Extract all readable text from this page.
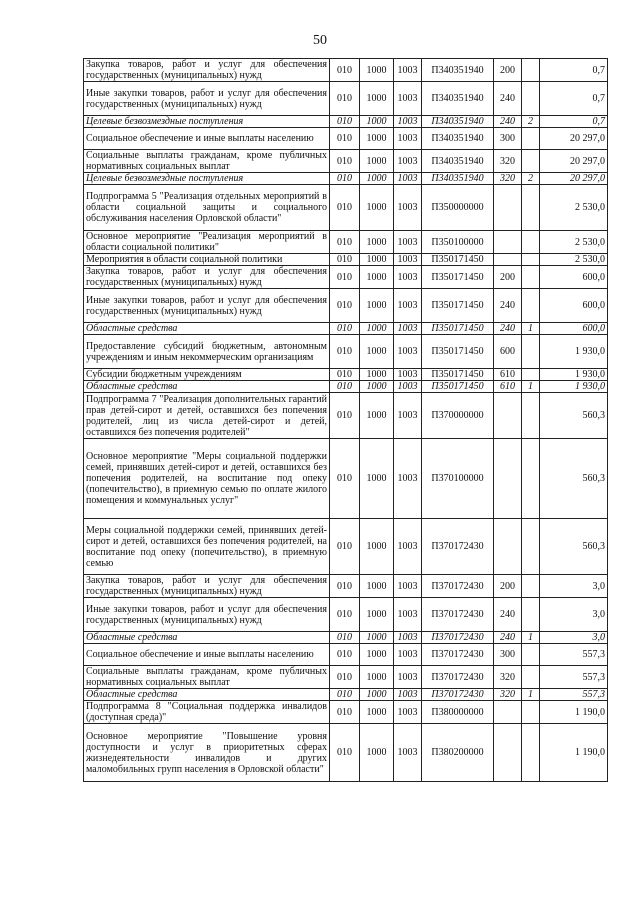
50
Закупка товаров, работ и услуг для обеспечения государственных (муниципальных) нужд	010	1000	1003	П340351940	200		0,7
Иные закупки товаров, работ и услуг для обеспечения государственных (муниципальных) нужд	010	1000	1003	П340351940	240		0,7
Целевые безвозмездные поступления	010	1000	1003	П340351940	240	2	0,7
Социальное обеспечение и иные выплаты населению	010	1000	1003	П340351940	300		20 297,0
Социальные выплаты гражданам, кроме публичных нормативных социальных выплат	010	1000	1003	П340351940	320		20 297,0
Целевые безвозмездные поступления	010	1000	1003	П340351940	320	2	20 297,0
Подпрограмма 5 "Реализация отдельных мероприятий в области социальной защиты и социального обслуживания населения Орловской области"	010	1000	1003	П350000000			2 530,0
Основное мероприятие "Реализация мероприятий в области социальной политики"	010	1000	1003	П350100000			2 530,0
Мероприятия в области социальной политики	010	1000	1003	П350171450			2 530,0
Закупка товаров, работ и услуг для обеспечения государственных (муниципальных) нужд	010	1000	1003	П350171450	200		600,0
Иные закупки товаров, работ и услуг для обеспечения государственных (муниципальных) нужд	010	1000	1003	П350171450	240		600,0
Областные средства	010	1000	1003	П350171450	240	1	600,0
Предоставление субсидий бюджетным, автономным учреждениям и иным некоммерческим организациям	010	1000	1003	П350171450	600		1 930,0
Субсидии бюджетным учреждениям	010	1000	1003	П350171450	610		1 930,0
Областные средства	010	1000	1003	П350171450	610	1	1 930,0
Подпрограмма 7 "Реализация дополнительных гарантий прав детей-сирот и детей, оставшихся без попечения родителей, лиц из числа детей-сирот и детей, оставшихся без попечения родителей"	010	1000	1003	П370000000			560,3
Основное мероприятие "Меры социальной поддержки семей, принявших детей-сирот и детей, оставшихся без попечения родителей, на воспитание под опеку (попечительство), в приемную семью по оплате жилого помещения и коммунальных услуг"	010	1000	1003	П370100000			560,3
Меры социальной поддержки семей, принявших детей-сирот и детей, оставшихся без попечения родителей, на воспитание под опеку (попечительство), в приемную семью	010	1000	1003	П370172430			560,3
Закупка товаров, работ и услуг для обеспечения государственных (муниципальных) нужд	010	1000	1003	П370172430	200		3,0
Иные закупки товаров, работ и услуг для обеспечения государственных (муниципальных) нужд	010	1000	1003	П370172430	240		3,0
Областные средства	010	1000	1003	П370172430	240	1	3,0
Социальное обеспечение и иные выплаты населению	010	1000	1003	П370172430	300		557,3
Социальные выплаты гражданам, кроме публичных нормативных социальных выплат	010	1000	1003	П370172430	320		557,3
Областные средства	010	1000	1003	П370172430	320	1	557,3
Подпрограмма 8 "Социальная поддержка инвалидов (доступная среда)"	010	1000	1003	П380000000			1 190,0
Основное мероприятие "Повышение уровня доступности и услуг в приоритетных сферах жизнедеятельности инвалидов и других маломобильных групп населения в Орловской области"	010	1000	1003	П380200000			1 190,0
